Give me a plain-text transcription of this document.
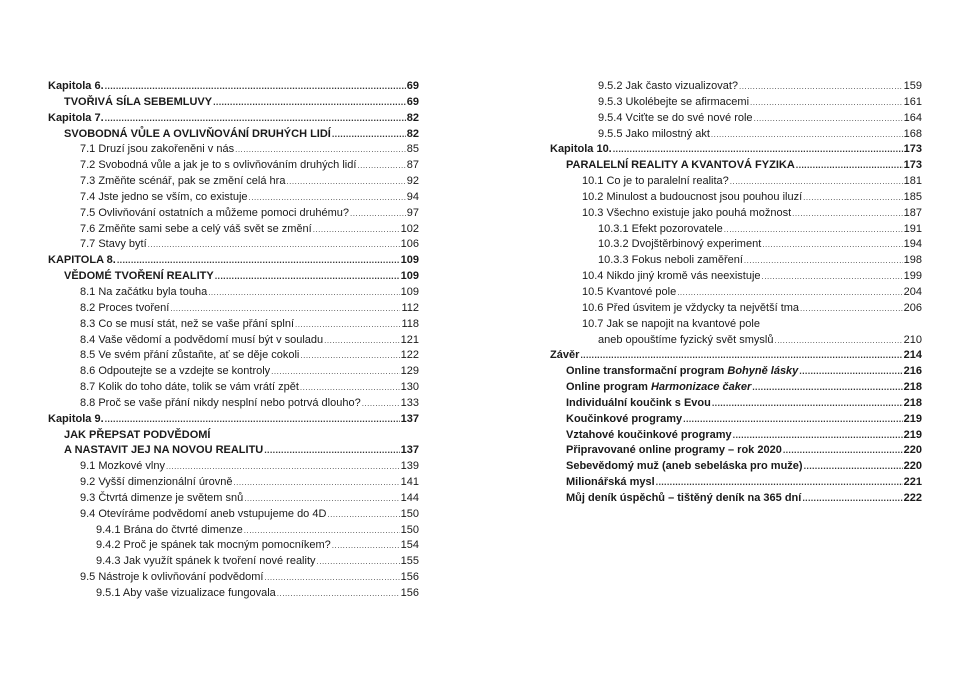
Kapitola 6. .....	69
TVOŘIVÁ SÍLA SEBEMLUVY .....	69
Kapitola 7. .....	82
SVOBODNÁ VŮLE A OVLIVŇOVÁNÍ DRUHÝCH LIDÍ .....	82
7.1 Druzí jsou zakořeněni v nás .....	85
7.2 Svobodná vůle a jak je to s ovlivňováním druhých lidí .....	87
7.3 Změňte scénář, pak se změní celá hra .....	92
7.4 Jste jedno se vším, co existuje .....	94
7.5 Ovlivňování ostatních a můžeme pomoci druhému? .....	97
7.6 Změňte sami sebe a celý váš svět se změní .....	102
7.7 Stavy bytí .....	106
KAPITOLA 8. .....	109
VĚDOMÉ TVOŘENÍ REALITY .....	109
8.1 Na začátku byla touha .....	109
8.2 Proces tvoření .....	112
8.3 Co se musí stát, než se vaše přání splní .....	118
8.4 Vaše vědomí a podvědomí musí být v souladu .....	121
8.5 Ve svém přání zůstaňte, ať se děje cokoli .....	122
8.6 Odpoutejte se a vzdejte se kontroly .....	129
8.7 Kolik do toho dáte, tolik se vám vrátí zpět .....	130
8.8 Proč se vaše přání nikdy nesplní nebo potrvá dlouho? .....	133
Kapitola 9. .....	137
JAK PŘEPSAT PODVĚDOMÍ
A NASTAVIT JEJ NA NOVOU REALITU .....	137
9.1 Mozkové vlny .....	139
9.2 Vyšší dimenzionální úrovně .....	141
9.3 Čtvrtá dimenze je světem snů .....	144
9.4 Otevíráme podvědomí aneb vstupujeme do 4D .....	150
9.4.1 Brána do čtvrté dimenze .....	150
9.4.2 Proč je spánek tak mocným pomocníkem? .....	154
9.4.3 Jak využít spánek k tvoření nové reality .....	155
9.5 Nástroje k ovlivňování podvědomí .....	156
9.5.1 Aby vaše vizualizace fungovala .....	156
9.5.2 Jak často vizualizovat? .....	159
9.5.3 Ukolébejte se afirmacemi .....	161
9.5.4 Vciťte se do své nové role .....	164
9.5.5 Jako milostný akt .....	168
Kapitola 10. .....	173
PARALELNÍ REALITY A KVANTOVÁ FYZIKA .....	173
10.1 Co je to paralelní realita? .....	181
10.2 Minulost a budoucnost jsou pouhou iluzí .....	185
10.3 Všechno existuje jako pouhá možnost .....	187
10.3.1 Efekt pozorovatele .....	191
10.3.2 Dvojštěrbinový experiment .....	194
10.3.3 Fokus neboli zaměření .....	198
10.4 Nikdo jiný kromě vás neexistuje .....	199
10.5 Kvantové pole .....	204
10.6 Před úsvitem je vždycky ta největší tma .....	206
10.7 Jak se napojit na kvantové pole
aneb opouštíme fyzický svět smyslů .....	210
Závěr .....	214
Online transformační program Bohyně lásky .....	216
Online program Harmonizace čaker .....	218
Individuální koučink s Evou .....	218
Koučinkové programy .....	219
Vztahové koučinkové programy .....	219
Připravované online programy – rok 2020 .....	220
Sebevědomý muž (aneb sebeláska pro muže) .....	220
Milionářská mysl .....	221
Můj deník úspěchů – tištěný deník na 365 dní .....	222
